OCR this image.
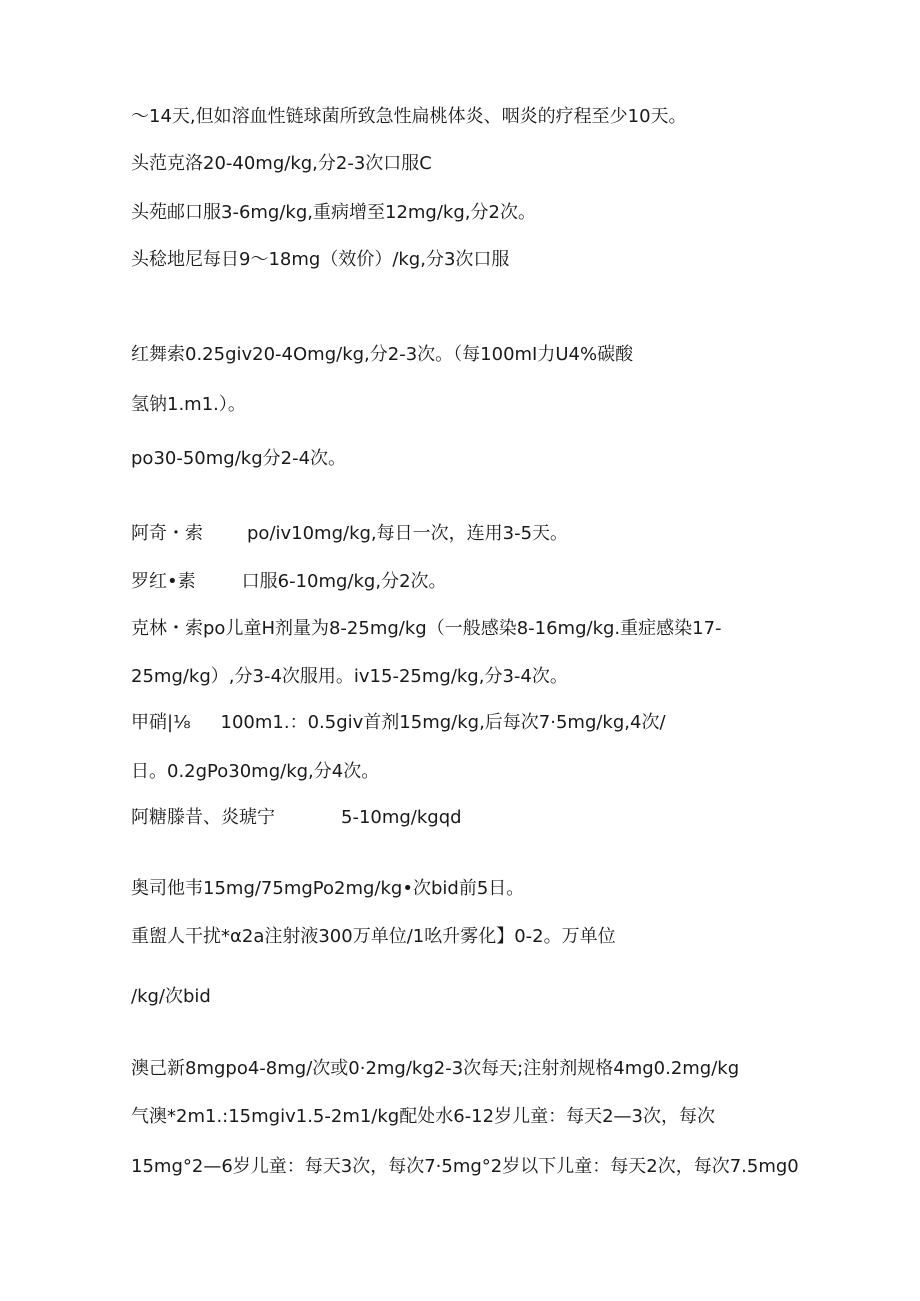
～14天,但如溶血性链球菌所致急性扁桃体炎、咽炎的疗程至少10天。
头范克洛20-40mg/kg,分2-3次口服C
头苑邮口服3-6mg/kg,重病增至12mg/kg,分2次。
头稔地尼每日9～18mg（效价）/kg,分3次口服
红舞索0.25giv20-4Omg/kg,分2-3次。（每100mI力U4%碳酸
氢钠1.m1.）。
po30-50mg/kg分2-4次。
阿奇・索 po/iv10mg/kg,每日一次，连用3-5天。
罗红•素	口服6-10mg/kg,分2次。
克林・索po儿童H剂量为8-25mg/kg（一般感染8-16mg/kg.重症感染17-
25mg/kg）,分3-4次服用。iv15-25mg/kg,分3-4次。
甲硝|⅛ 100m1.：0.5giv首剂15mg/kg,后每次7·5mg/kg,4次/
日。0.2gPo30mg/kg,分4次。
阿糖滕昔、炎琥宁	5-10mg/kgqd
奥司他韦15mg/75mgPo2mg/kg•次bid前5日。
重盥人干扰*α2a注射液300万单位/1吆升雾化】0-2。万单位
/kg/次bid
澳己新8mgpo4-8mg/次或0·2mg/kg2-3次每天;注射剂规格4mg0.2mg/kg
气澳*2m1.:15mgiv1.5-2m1/kg配处水6-12岁儿童：每天2—3次，每次
15mg°2—6岁儿童：每天3次，每次7·5mg°2岁以下儿童：每天2次，每次7.5mg0
